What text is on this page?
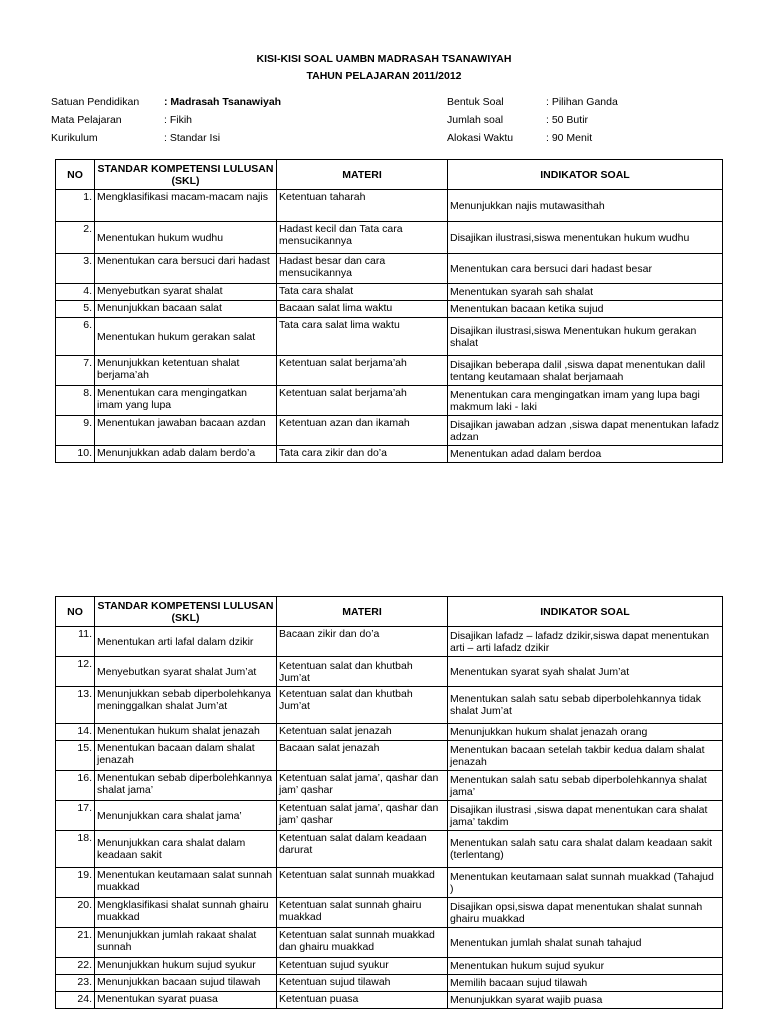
KISI-KISI SOAL UAMBN MADRASAH TSANAWIYAH
TAHUN PELAJARAN 2011/2012
Satuan Pendidikan : Madrasah Tsanawiyah
Mata Pelajaran	: Fikih
Kurikulum	: Standar Isi
Bentuk Soal	: Pilihan Ganda
Jumlah soal	: 50 Butir
Alokasi Waktu	: 90 Menit
NO	STANDAR KOMPETENSI LULUSAN (SKL)	MATERI	INDIKATOR SOAL
1.	Mengklasifikasi macam-macam najis	Ketentuan taharah	Menunjukkan najis mutawasithah
2.	Menentukan hukum wudhu	Hadast kecil dan Tata cara mensucikannya	Disajikan ilustrasi,siswa menentukan hukum wudhu
3.	Menentukan cara bersuci dari hadast	Hadast besar dan cara mensucikannya	Menentukan cara bersuci dari hadast besar
4.	Menyebutkan syarat shalat	Tata cara shalat	Menentukan syarah sah shalat
5.	Menunjukkan bacaan salat	Bacaan salat lima waktu	Menentukan bacaan ketika sujud
6.	Menentukan hukum gerakan salat	Tata cara salat lima waktu	Disajikan ilustrasi,siswa Menentukan hukum gerakan shalat
7.	Menunjukkan ketentuan shalat berjama’ah	Ketentuan salat berjama’ah	Disajikan beberapa dalil ,siswa dapat menentukan dalil tentang keutamaan shalat berjamaah
8.	Menentukan cara mengingatkan imam yang lupa	Ketentuan salat berjama’ah	Menentukan cara mengingatkan imam yang lupa bagi makmum laki - laki
9.	Menentukan jawaban bacaan azdan	Ketentuan azan dan ikamah	Disajikan jawaban adzan ,siswa dapat menentukan lafadz adzan
10.	Menunjukkan adab dalam berdo’a	Tata cara zikir dan do’a	Menentukan adad dalam berdoa
NO	STANDAR KOMPETENSI LULUSAN (SKL)	MATERI	INDIKATOR SOAL
11.	Menentukan arti lafal dalam dzikir	Bacaan zikir dan do’a	Disajikan lafadz – lafadz dzikir,siswa dapat menentukan arti – arti lafadz dzikir
12.	Menyebutkan syarat shalat Jum’at	Ketentuan salat dan khutbah Jum’at	Menentukan syarat syah shalat Jum’at
13.	Menunjukkan sebab diperbolehkanya meninggalkan shalat Jum’at	Ketentuan salat dan khutbah Jum’at	Menentukan salah satu sebab diperbolehkannya tidak shalat Jum’at
14.	Menentukan hukum shalat jenazah	Ketentuan salat jenazah	Menunjukkan hukum shalat jenazah orang
15.	Menentukan bacaan dalam shalat jenazah	Bacaan salat jenazah	Menentukan bacaan setelah takbir kedua dalam shalat jenazah
16.	Menentukan sebab diperbolehkannya shalat jama’	Ketentuan salat jama’, qashar dan jam’ qashar	Menentukan salah satu sebab diperbolehkannya shalat jama’
17.	Menunjukkan cara shalat jama’	Ketentuan salat jama’, qashar dan jam’ qashar	Disajikan ilustrasi ,siswa dapat menentukan cara shalat jama’ takdim
18.	Menunjukkan cara shalat dalam keadaan sakit	Ketentuan salat dalam keadaan darurat	Menentukan salah satu cara shalat dalam keadaan sakit (terlentang)
19.	Menentukan keutamaan salat sunnah muakkad	Ketentuan salat sunnah muakkad	Menentukan keutamaan salat sunnah muakkad (Tahajud )
20.	Mengklasifikasi shalat sunnah ghairu muakkad	Ketentuan salat sunnah ghairu muakkad	Disajikan opsi,siswa dapat menentukan shalat sunnah ghairu muakkad
21.	Menunjukkan jumlah rakaat shalat sunnah	Ketentuan salat sunnah muakkad dan ghairu muakkad	Menentukan jumlah shalat sunah tahajud
22.	Menunjukkan hukum sujud syukur	Ketentuan sujud syukur	Menentukan hukum sujud syukur
23.	Menunjukkan bacaan sujud tilawah	Ketentuan sujud tilawah	Memilih bacaan sujud tilawah
24.	Menentukan syarat puasa	Ketentuan puasa	Menunjukkan syarat wajib puasa
